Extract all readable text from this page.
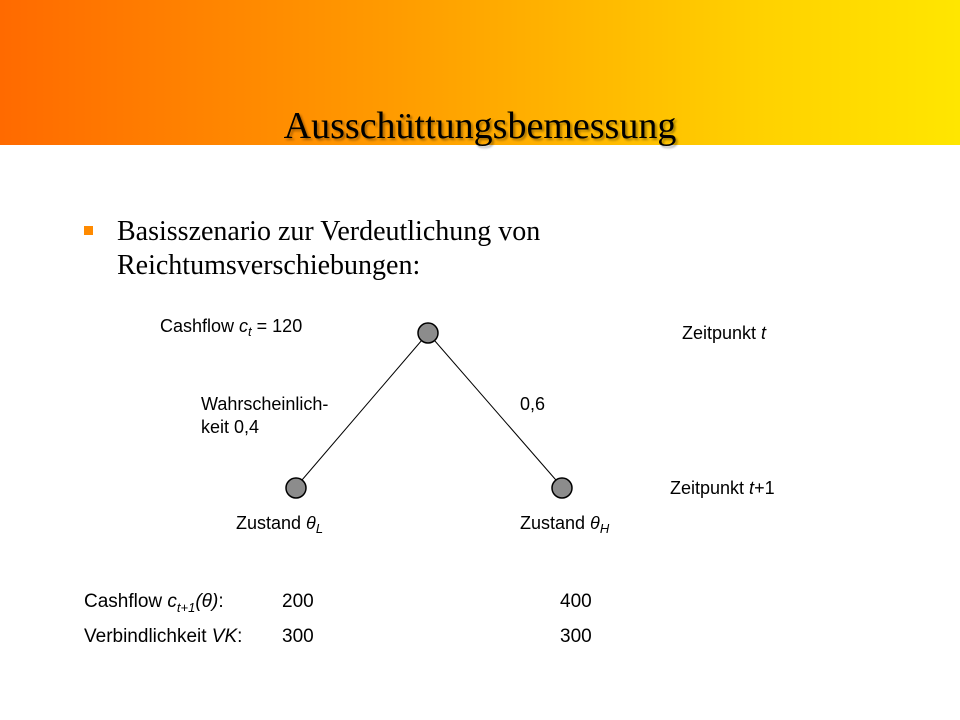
Ausschüttungsbemessung
Basisszenario zur Verdeutlichung von Reichtumsverschiebungen:
Cashflow $c_t = 120$	Zeitpunkt t
Wahrscheinlich-
keit 0,4
0,6
Zeitpunkt t+1
Zustand $\theta_L$	Zustand $\theta_H$
Cashflow $c_{t+1}(\theta)$:	200	400
Verbindlichkeit VK: 300	300
